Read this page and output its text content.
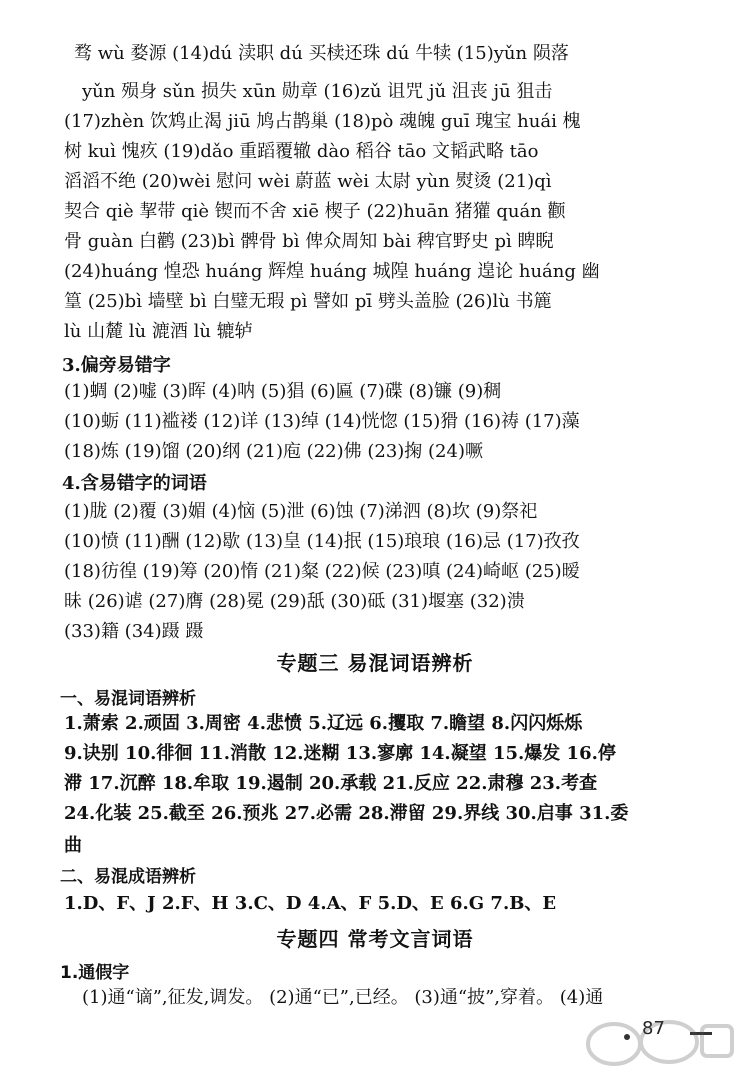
骛 wù 婺源 (14)dú 渎职 dú 买椟还珠 dú 牛犊 (15)yǔn 陨落
yǔn 殒身 sǔn 损失 xūn 勋章 (16)zǔ 诅咒 jǔ 沮丧 jū 狙击
(17)zhèn 饮鸩止渴 jiū 鸠占鹊巢 (18)pò 魂魄 guī 瑰宝 huái 槐
树 kuì 愧疚 (19)dǎo 重蹈覆辙 dào 稻谷 tāo 文韬武略 tāo
滔滔不绝 (20)wèi 慰问 wèi 蔚蓝 wèi 太尉 yùn 熨烫 (21)qì
契合 qiè 挈带 qiè 锲而不舍 xiē 楔子 (22)huān 猪獾 quán 颧
骨 guàn 白鹳 (23)bì 髀骨 bì 俾众周知 bài 稗官野史 pì 睥睨
(24)huáng 惶恐 huáng 辉煌 huáng 城隍 huáng 遑论 huáng 幽
篁 (25)bì 墙壁 bì 白璧无瑕 pì 譬如 pī 劈头盖脸 (26)lù 书簏
lù 山麓 lù 漉酒 lù 辘轳
3.偏旁易错字
(1)蜩 (2)嘘 (3)晖 (4)呐 (5)猖 (6)匾 (7)碟 (8)镰 (9)稠
(10)蛎 (11)褴褛 (12)详 (13)绰 (14)恍惚 (15)猾 (16)祷 (17)藻
(18)炼 (19)馏 (20)纲 (21)庖 (22)佛 (23)掬 (24)噘
4.含易错字的词语
(1)胧 (2)覆 (3)媚 (4)恼 (5)泄 (6)蚀 (7)涕泗 (8)坎 (9)祭祀
(10)愤 (11)酬 (12)歇 (13)皇 (14)抿 (15)琅琅 (16)忌 (17)孜孜
(18)彷徨 (19)筹 (20)惰 (21)粲 (22)候 (23)嗔 (24)崎岖 (25)暧
昧 (26)谑 (27)膺 (28)冕 (29)舐 (30)砥 (31)堰塞 (32)溃
(33)籍 (34)蹑 蹑
专题三 易混词语辨析
一、易混词语辨析
1.萧索 2.顽固 3.周密 4.悲愤 5.辽远 6.攫取 7.瞻望 8.闪闪烁烁
9.诀别 10.徘徊 11.消散 12.迷糊 13.寥廓 14.凝望 15.爆发 16.停
滞 17.沉醉 18.牟取 19.遏制 20.承载 21.反应 22.肃穆 23.考查
24.化装 25.截至 26.预兆 27.必需 28.滞留 29.界线 30.启事 31.委
曲
二、易混成语辨析
1.D、F、J 2.F、H 3.C、D 4.A、F 5.D、E 6.G 7.B、E
专题四 常考文言词语
1.通假字
(1)通“谪”,征发,调发。 (2)通“已”,已经。 (3)通“披”,穿着。 (4)通
87
